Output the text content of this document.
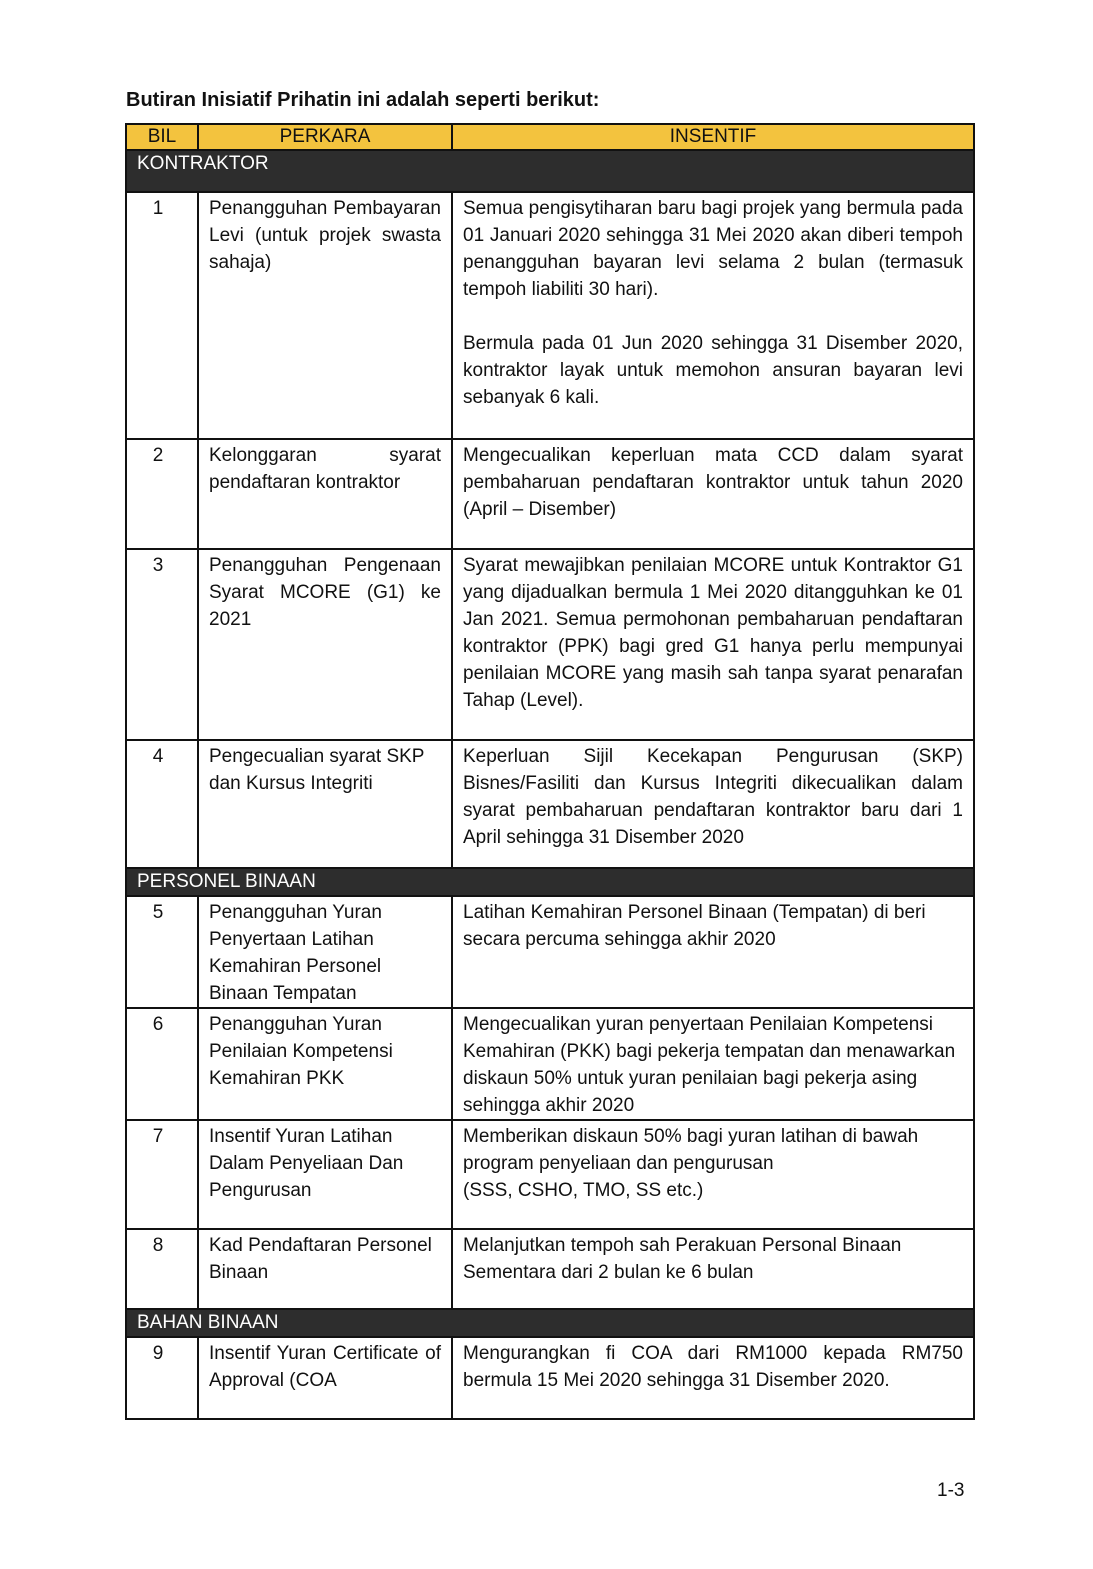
Butiran Inisiatif Prihatin ini adalah seperti berikut:

BIL	PERKARA	INSENTIF
KONTRAKTOR		
1	Penangguhan Pembayaran Levi (untuk projek swasta sahaja)	Semua pengisytiharan baru bagi projek yang bermula pada 01 Januari 2020 sehingga 31 Mei 2020 akan diberi tempoh penangguhan bayaran levi selama 2 bulan (termasuk tempoh liabiliti 30 hari).

Bermula pada 01 Jun 2020 sehingga 31 Disember 2020, kontraktor layak untuk memohon ansuran bayaran levi sebanyak 6 kali.

2	Kelonggaran syarat pendaftaran kontraktor	Mengecualikan keperluan mata CCD dalam syarat pembaharuan pendaftaran kontraktor untuk tahun 2020 (April – Disember)

3	Penangguhan Pengenaan Syarat MCORE (G1) ke 2021	Syarat mewajibkan penilaian MCORE untuk Kontraktor G1 yang dijadualkan bermula 1 Mei 2020 ditangguhkan ke 01 Jan 2021. Semua permohonan pembaharuan pendaftaran kontraktor (PPK) bagi gred G1 hanya perlu mempunyai penilaian MCORE yang masih sah tanpa syarat penarafan Tahap (Level).

4	Pengecualian syarat SKP dan Kursus Integriti	Keperluan Sijil Kecekapan Pengurusan (SKP) Bisnes/Fasiliti dan Kursus Integriti dikecualikan dalam syarat pembaharuan pendaftaran kontraktor baru dari 1 April sehingga 31 Disember 2020

PERSONEL BINAAN		
5	Penangguhan Yuran Penyertaan Latihan Kemahiran Personel Binaan Tempatan	Latihan Kemahiran Personel Binaan (Tempatan) di beri secara percuma sehingga akhir 2020

6	Penangguhan Yuran Penilaian Kompetensi Kemahiran PKK	Mengecualikan yuran penyertaan Penilaian Kompetensi Kemahiran (PKK) bagi pekerja tempatan dan menawarkan diskaun 50% untuk yuran penilaian bagi pekerja asing sehingga akhir 2020

7	Insentif Yuran Latihan Dalam Penyeliaan Dan Pengurusan	Memberikan diskaun 50% bagi yuran latihan di bawah program penyeliaan dan pengurusan
(SSS, CSHO, TMO, SS etc.)

8	Kad Pendaftaran Personel Binaan	Melanjutkan tempoh sah Perakuan Personal Binaan Sementara dari 2 bulan ke 6 bulan

BAHAN BINAAN		
9	Insentif Yuran Certificate of Approval (COA	Mengurangkan fi COA dari RM1000 kepada RM750 bermula 15 Mei 2020 sehingga 31 Disember 2020.

1-3
